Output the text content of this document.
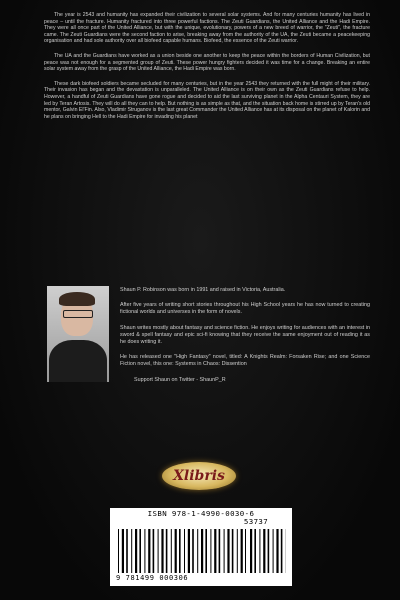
The year is 2543 and humanity has expanded their civilization to several solar systems. And for many centuries humanity has lived in peace – until the fracture. Humanity fractured into three powerful factions. The Zeuti Guardians, the United Alliance and the Hadi Empire. They were all once part of the United Alliance, but with the unique, evolutionary, powers of a new breed of warrior, the "Zeuti", the fracture came. The Zeuti Guardians were the second faction to arise, breaking away from the authority of the UA, the Zeuti became a peacekeeping organisation and had sole authority over all biofeed capable humans. Biofeed, the essence of the Zeuti warrior.

The UA and the Guardians have worked as a union beside one another to keep the peace within the borders of Human Civilization, but peace was not enough for a segmented group of Zeuti. These power hungry fighters decided it was time for a change. Breaking an entire solar system away from the grasp of the United Alliance, the Hadi Empire was born.

These dark biofeed soldiers became secluded for many centuries, but in the year 2543 they returned with the full might of their military. Their invasion has began and the devastation is unparalleled. The United Alliance is on their own as the Zeuti Guardians refuse to help. However, a handful of Zeuti Guardians have gone rogue and decided to aid the last surviving planet in the Alpha Centauri System, they are led by Teran Artosis. They will do all they can to help. But nothing is as simple as that, and the situation back home is stirred up by Teran's old mentor, Galvin El'Fin. Also, Vladimir Struganov is the last great Commander the United Alliance has at its disposal on the planet of Kalorin and he plans on bringing Hell to the Hadi Empire for invading his planet

Shaun P. Robinson was born in 1991 and raised in Victoria, Australia.

After five years of writing short stories throughout his High School years he has now turned to creating fictional worlds and universes in the form of novels.

Shaun writes mostly about fantasy and science fiction. He enjoys writing for audiences with an interest in sword & spell fantasy and epic sci-fi knowing that they receive the same enjoyment out of reading it as he does writing it.

He has released one "High Fantasy" novel, titled: A Knights Realm: Forsaken Rise; and one Science Fiction novel, this one: Systems in Chaos: Dissention

Support Shaun on Twitter - ShaunP_R

Xlibris
ISBN 978-1-4990-0030-6
53737
9 781499 000306
